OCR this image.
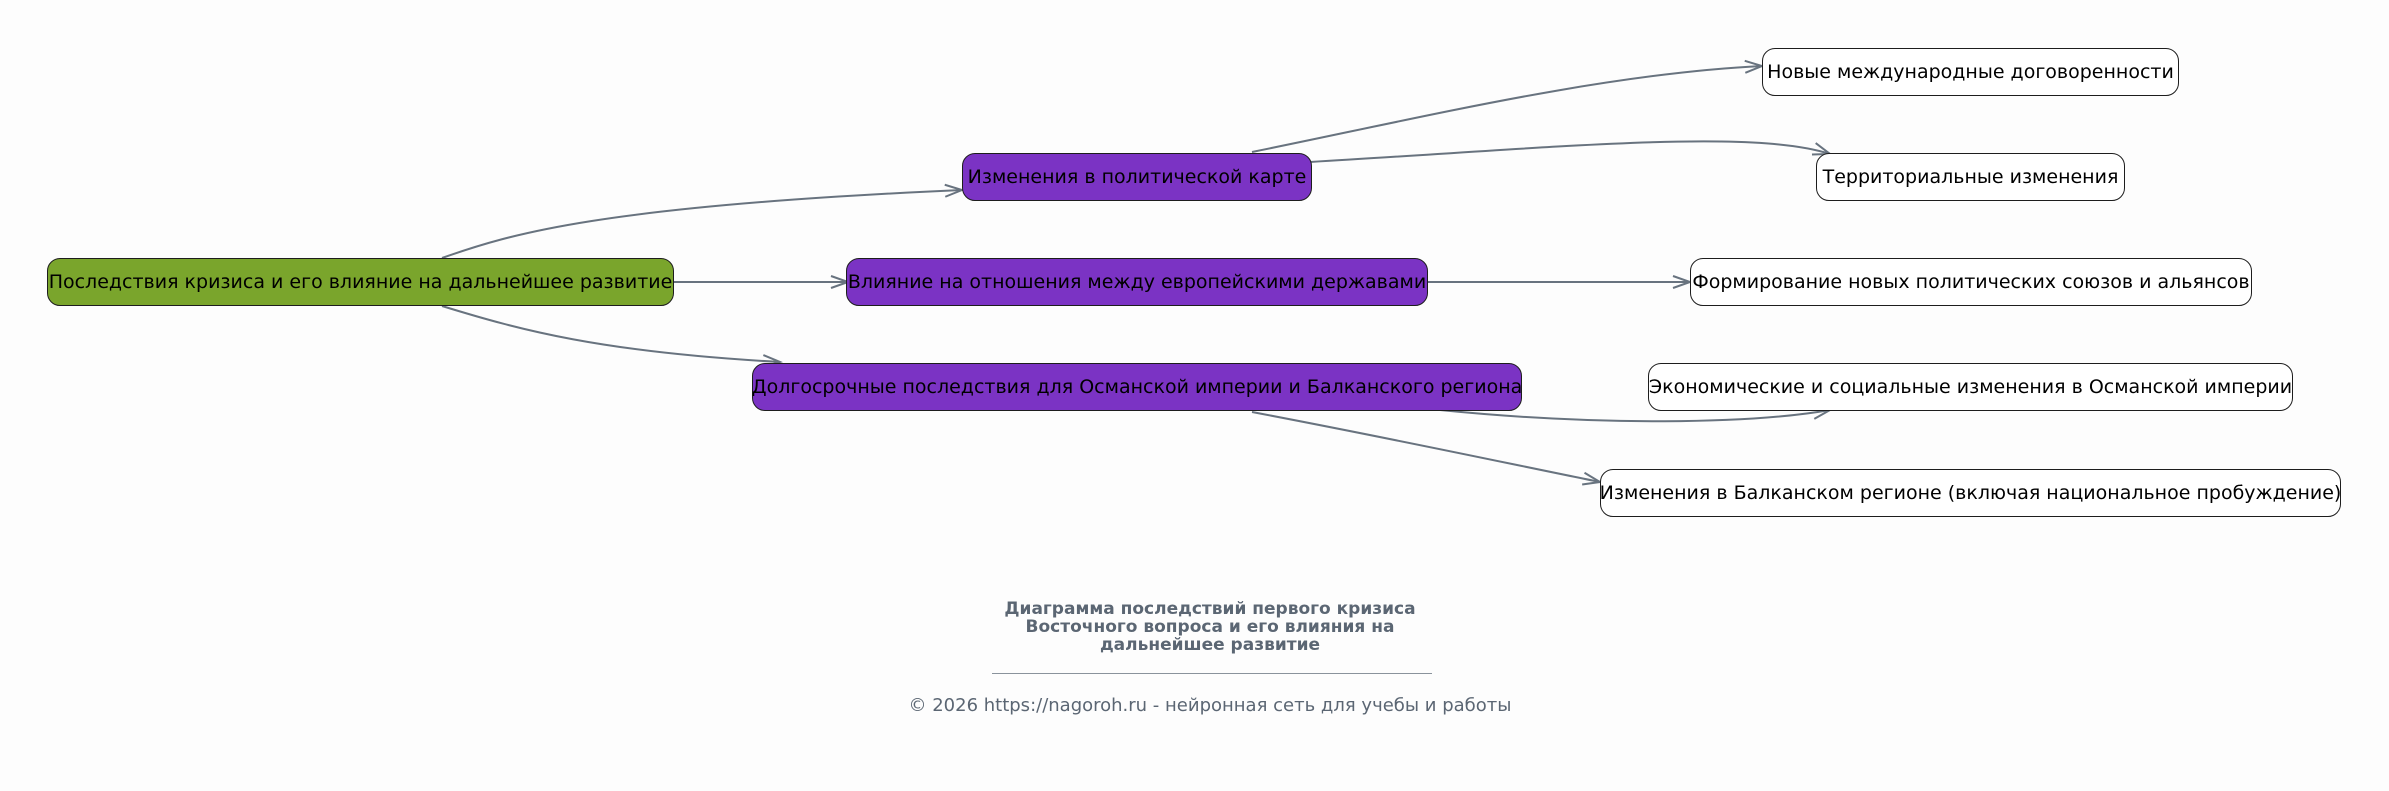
Последствия кризиса и его влияние на дальнейшее развитие
Изменения в политической карте
Влияние на отношения между европейскими державами
Долгосрочные последствия для Османской империи и Балканского региона
Новые международные договоренности
Территориальные изменения
Формирование новых политических союзов и альянсов
Экономические и социальные изменения в Османской империи
Изменения в Балканском регионе (включая национальное пробуждение)
Диаграмма последствий первого кризиса
Восточного вопроса и его влияния на
дальнейшее развитие
© 2026 https://nagoroh.ru - нейронная сеть для учебы и работы
